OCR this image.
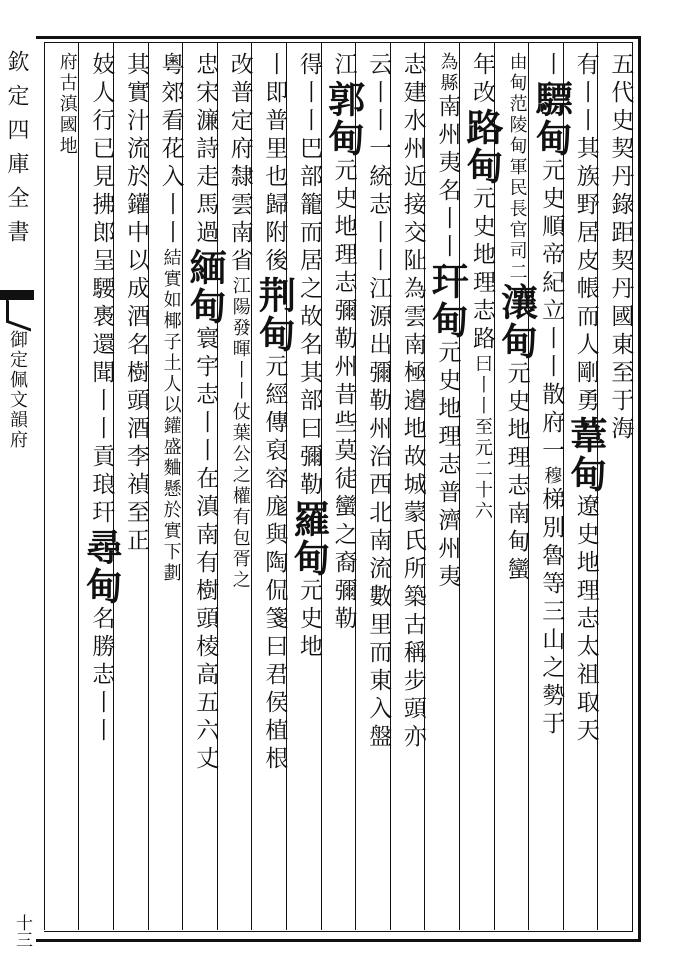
欽定四庫全書
御定佩文韻府
十三
五代史契丹錄距契丹國東至于海
有丨丨其族野居皮帳而人剛勇葦甸遼史地理志太祖取天
丨驃甸元史順帝紀立丨丨散府一穆梯別魯等三山之勢于
由甸范陵甸軍民長官司二瀼甸元史地理志南甸蠻
年改路甸元史地理志路曰丨丨至元二十六
為縣南州夷名丨丨玕甸元史地理志普濟州夷
志建水州近接交阯為雲南極邉地故城蒙氏所築古稱步頭亦
云丨丨一統志丨丨江源出彌勒州治西北南流數里而東入盤
江郭甸元史地理志彌勒州昔些莫徒蠻之裔彌勒
得丨丨巴部籠而居之故名其部曰彌勒羅甸元史地
丨即普里也歸附後荆甸元經傳裒容庬與陶侃箋曰君侯植根
改普定府隸雲南省江陽發暉丨丨仗葉公之權有包胥之
忠宋濂詩走馬過緬甸寰宇志丨丨在滇南有樹頭棱高五六丈
粵郊看花入丨丨結實如椰子土人以鑵盛麯懸於實下劃
其實汁流於鑵中以成酒名樹頭酒李禎至正
妓人行已見拂郎呈騕褭還聞丨丨貢琅玕尋甸名勝志丨丨
府古滇國地
